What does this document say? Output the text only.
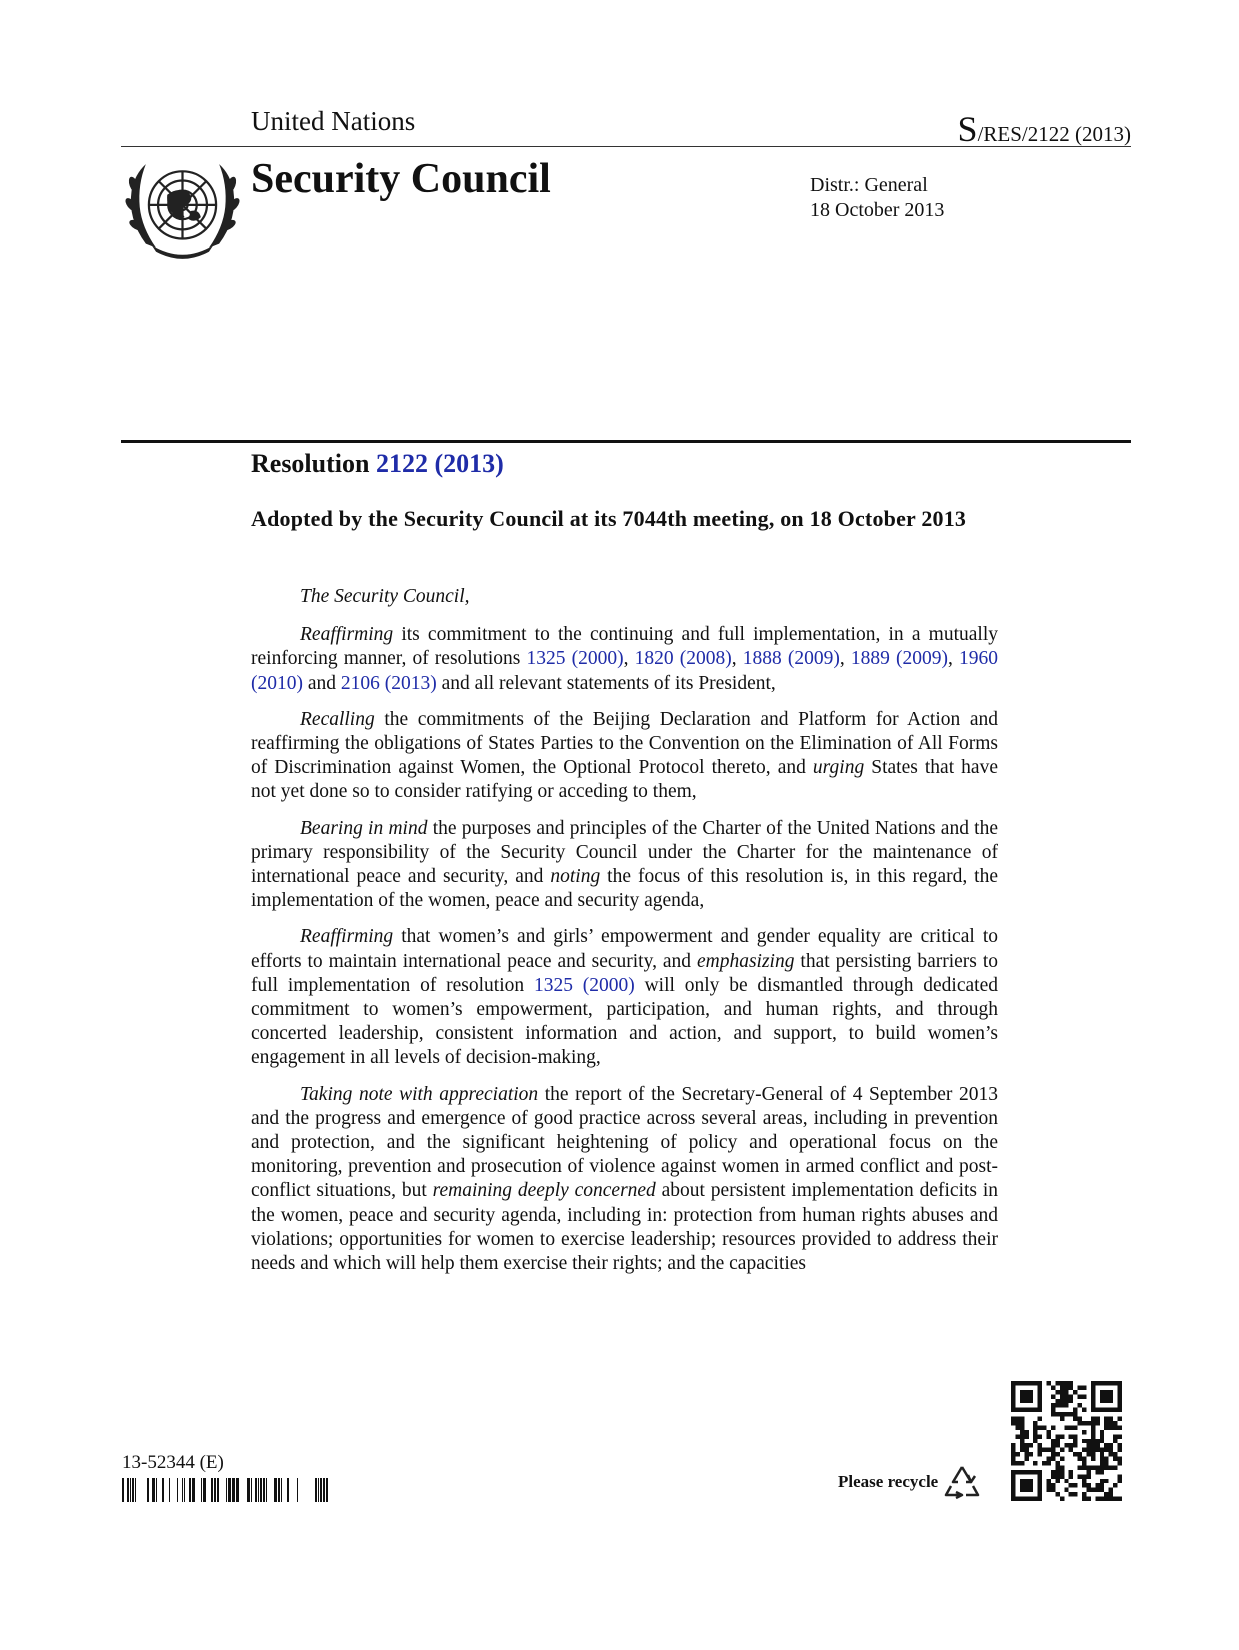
United Nations	S/RES/2122 (2013)
Security Council	Distr.: General
18 October 2013
Resolution 2122 (2013)
Adopted by the Security Council at its 7044th meeting, on 18 October 2013

The Security Council,

Reaffirming its commitment to the continuing and full implementation, in a mutually reinforcing manner, of resolutions 1325 (2000), 1820 (2008), 1888 (2009), 1889 (2009), 1960 (2010) and 2106 (2013) and all relevant statements of its President,

Recalling the commitments of the Beijing Declaration and Platform for Action and reaffirming the obligations of States Parties to the Convention on the Elimination of All Forms of Discrimination against Women, the Optional Protocol thereto, and urging States that have not yet done so to consider ratifying or acceding to them,

Bearing in mind the purposes and principles of the Charter of the United Nations and the primary responsibility of the Security Council under the Charter for the maintenance of international peace and security, and noting the focus of this resolution is, in this regard, the implementation of the women, peace and security agenda,

Reaffirming that women’s and girls’ empowerment and gender equality are critical to efforts to maintain international peace and security, and emphasizing that persisting barriers to full implementation of resolution 1325 (2000) will only be dismantled through dedicated commitment to women’s empowerment, participation, and human rights, and through concerted leadership, consistent information and action, and support, to build women’s engagement in all levels of decision-making,

Taking note with appreciation the report of the Secretary-General of 4 September 2013 and the progress and emergence of good practice across several areas, including in prevention and protection, and the significant heightening of policy and operational focus on the monitoring, prevention and prosecution of violence against women in armed conflict and post-conflict situations, but remaining deeply concerned about persistent implementation deficits in the women, peace and security agenda, including in: protection from human rights abuses and violations; opportunities for women to exercise leadership; resources provided to address their needs and which will help them exercise their rights; and the capacities

13-52344 (E)
Please recycle
